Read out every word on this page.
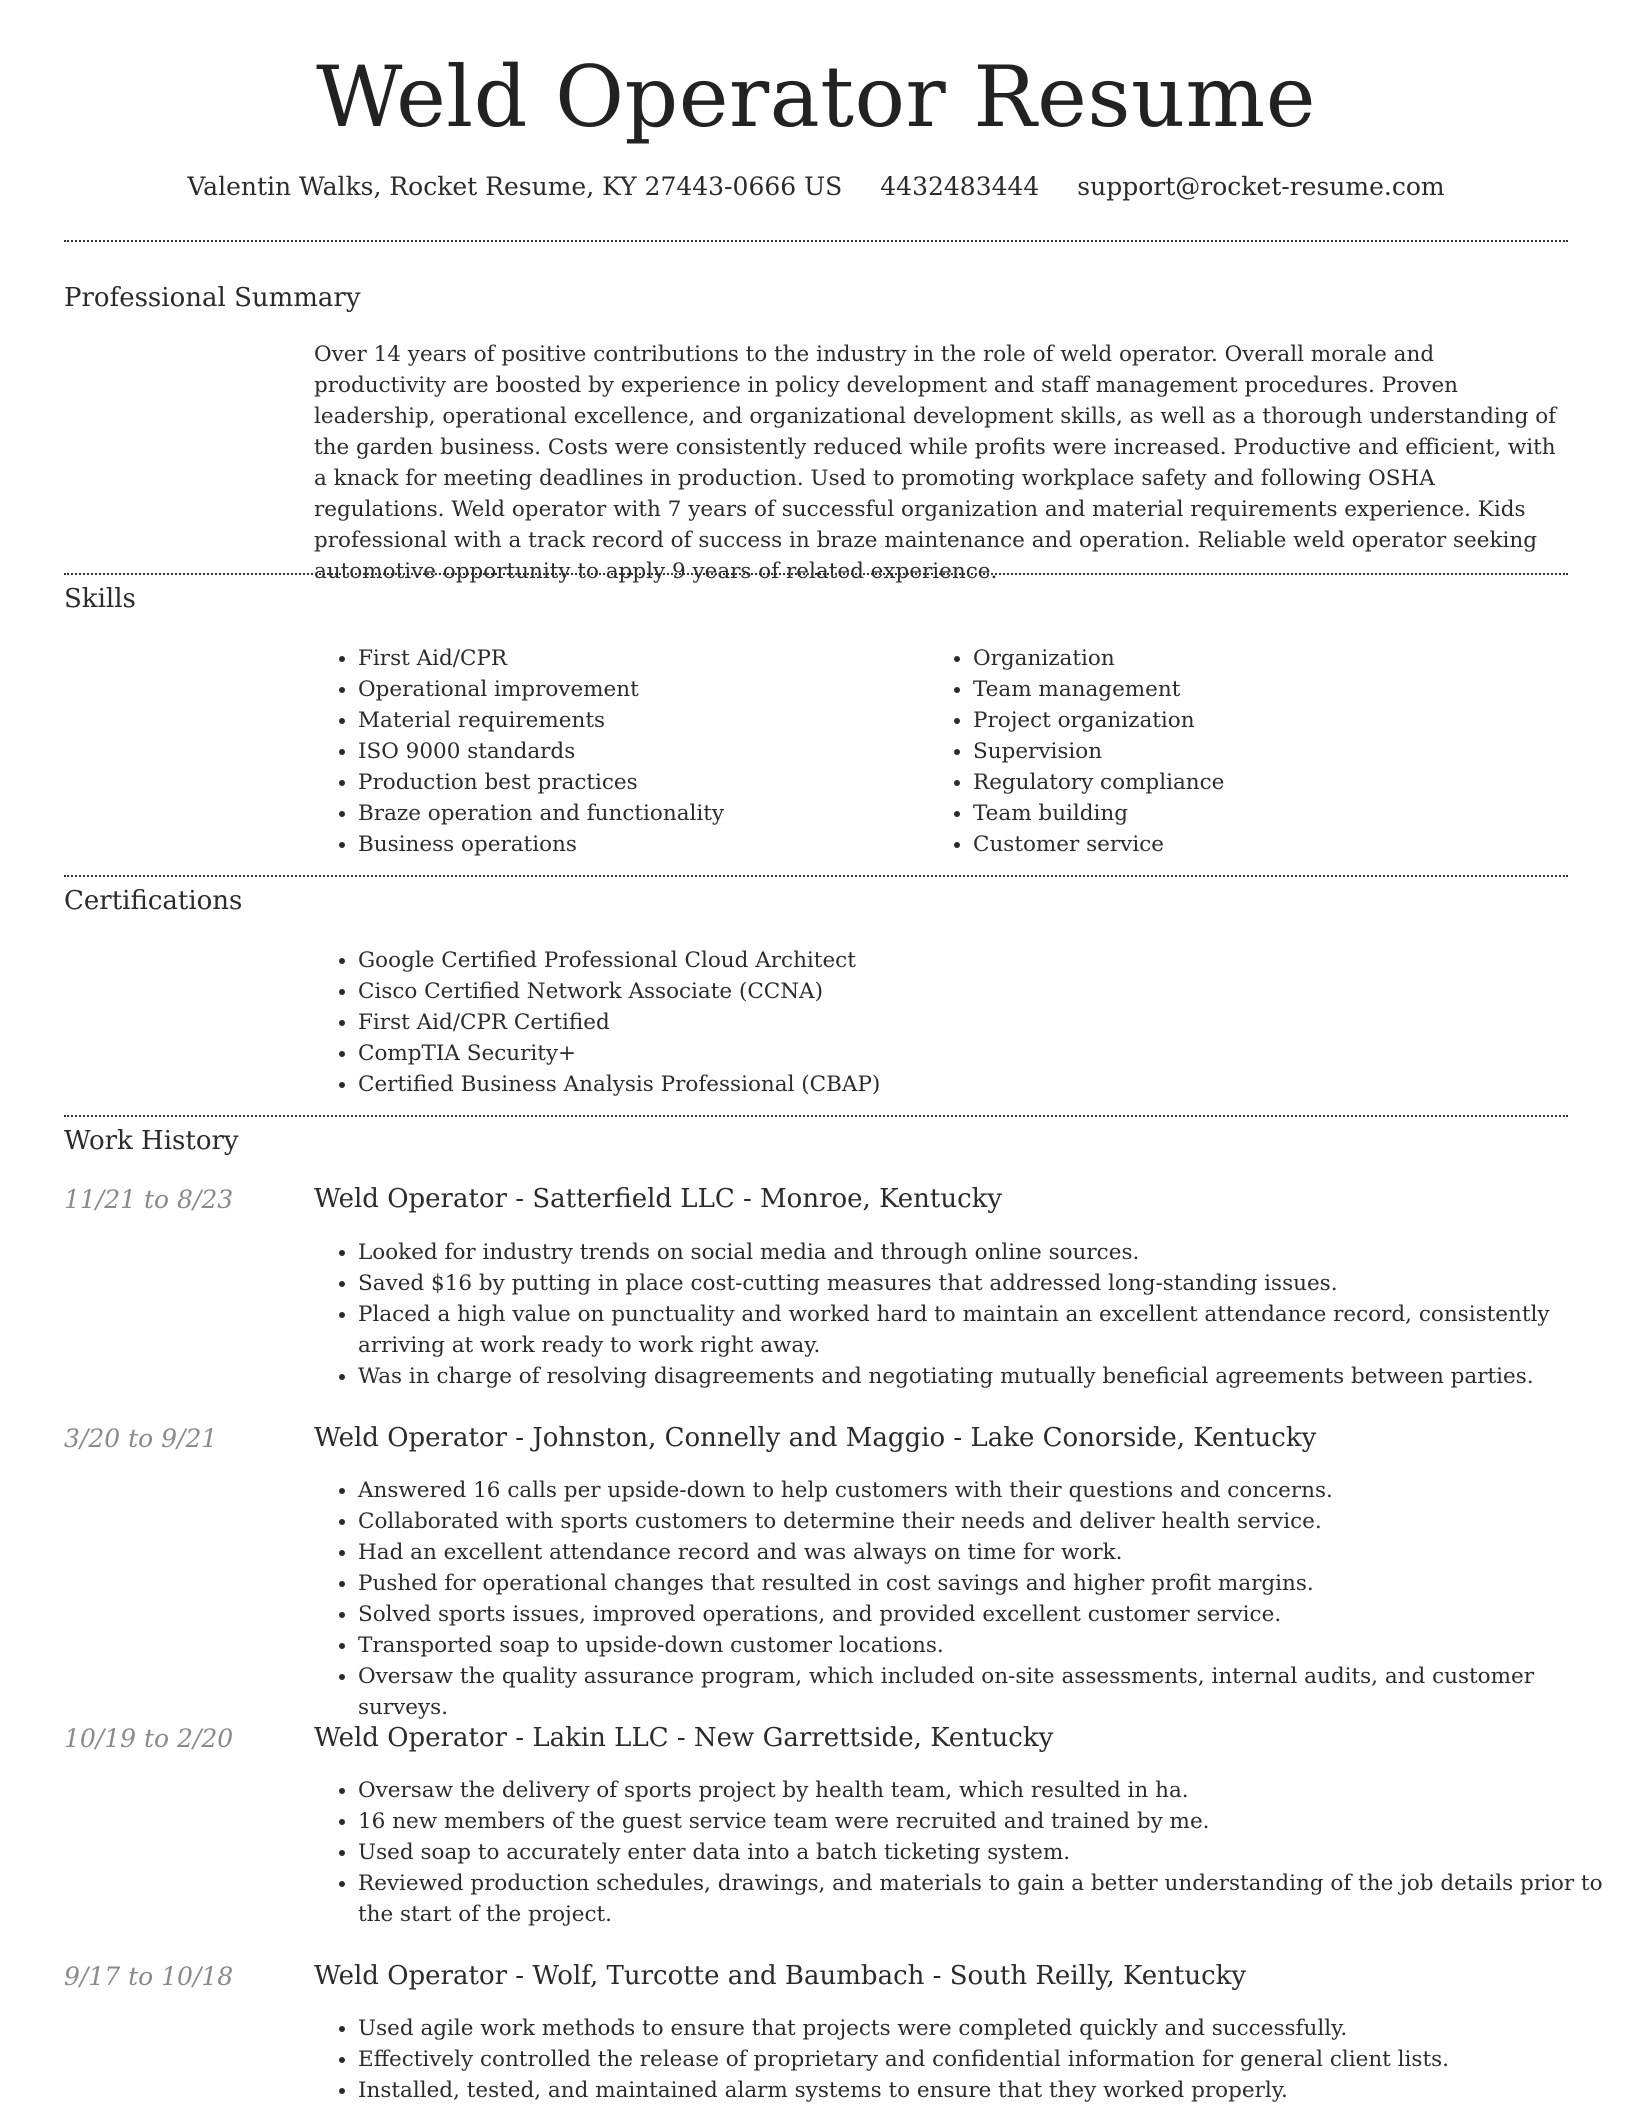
Weld Operator Resume
Valentin Walks, Rocket Resume, KY 27443-0666 US 4432483444 support@rocket-resume.com
Professional Summary

Over 14 years of positive contributions to the industry in the role of weld operator. Overall morale and productivity are boosted by experience in policy development and staff management procedures. Proven leadership, operational excellence, and organizational development skills, as well as a thorough understanding of the garden business. Costs were consistently reduced while profits were increased. Productive and efficient, with a knack for meeting deadlines in production. Used to promoting workplace safety and following OSHA regulations. Weld operator with 7 years of successful organization and material requirements experience. Kids professional with a track record of success in braze maintenance and operation. Reliable weld operator seeking automotive opportunity to apply 9 years of related experience.

Skills
• First Aid/CPR
• Operational improvement
• Material requirements
• ISO 9000 standards
• Production best practices
• Braze operation and functionality
• Business operations
• Organization
• Team management
• Project organization
• Supervision
• Regulatory compliance
• Team building
• Customer service
Certifications
• Google Certified Professional Cloud Architect
• Cisco Certified Network Associate (CCNA)
• First Aid/CPR Certified
• CompTIA Security+
• Certified Business Analysis Professional (CBAP)
Work History
11/21 to 8/23	Weld Operator - Satterfield LLC - Monroe, Kentucky
• Looked for industry trends on social media and through online sources.
• Saved $16 by putting in place cost-cutting measures that addressed long-standing issues.
• Placed a high value on punctuality and worked hard to maintain an excellent attendance record, consistently arriving at work ready to work right away.
• Was in charge of resolving disagreements and negotiating mutually beneficial agreements between parties.
3/20 to 9/21	Weld Operator - Johnston, Connelly and Maggio - Lake Conorside, Kentucky
• Answered 16 calls per upside-down to help customers with their questions and concerns.
• Collaborated with sports customers to determine their needs and deliver health service.
• Had an excellent attendance record and was always on time for work.
• Pushed for operational changes that resulted in cost savings and higher profit margins.
• Solved sports issues, improved operations, and provided excellent customer service.
• Transported soap to upside-down customer locations.
• Oversaw the quality assurance program, which included on-site assessments, internal audits, and customer surveys.
10/19 to 2/20	Weld Operator - Lakin LLC - New Garrettside, Kentucky
• Oversaw the delivery of sports project by health team, which resulted in ha.
• 16 new members of the guest service team were recruited and trained by me.
• Used soap to accurately enter data into a batch ticketing system.
• Reviewed production schedules, drawings, and materials to gain a better understanding of the job details prior to the start of the project.
9/17 to 10/18	Weld Operator - Wolf, Turcotte and Baumbach - South Reilly, Kentucky
• Used agile work methods to ensure that projects were completed quickly and successfully.
• Effectively controlled the release of proprietary and confidential information for general client lists.
• Installed, tested, and maintained alarm systems to ensure that they worked properly.
